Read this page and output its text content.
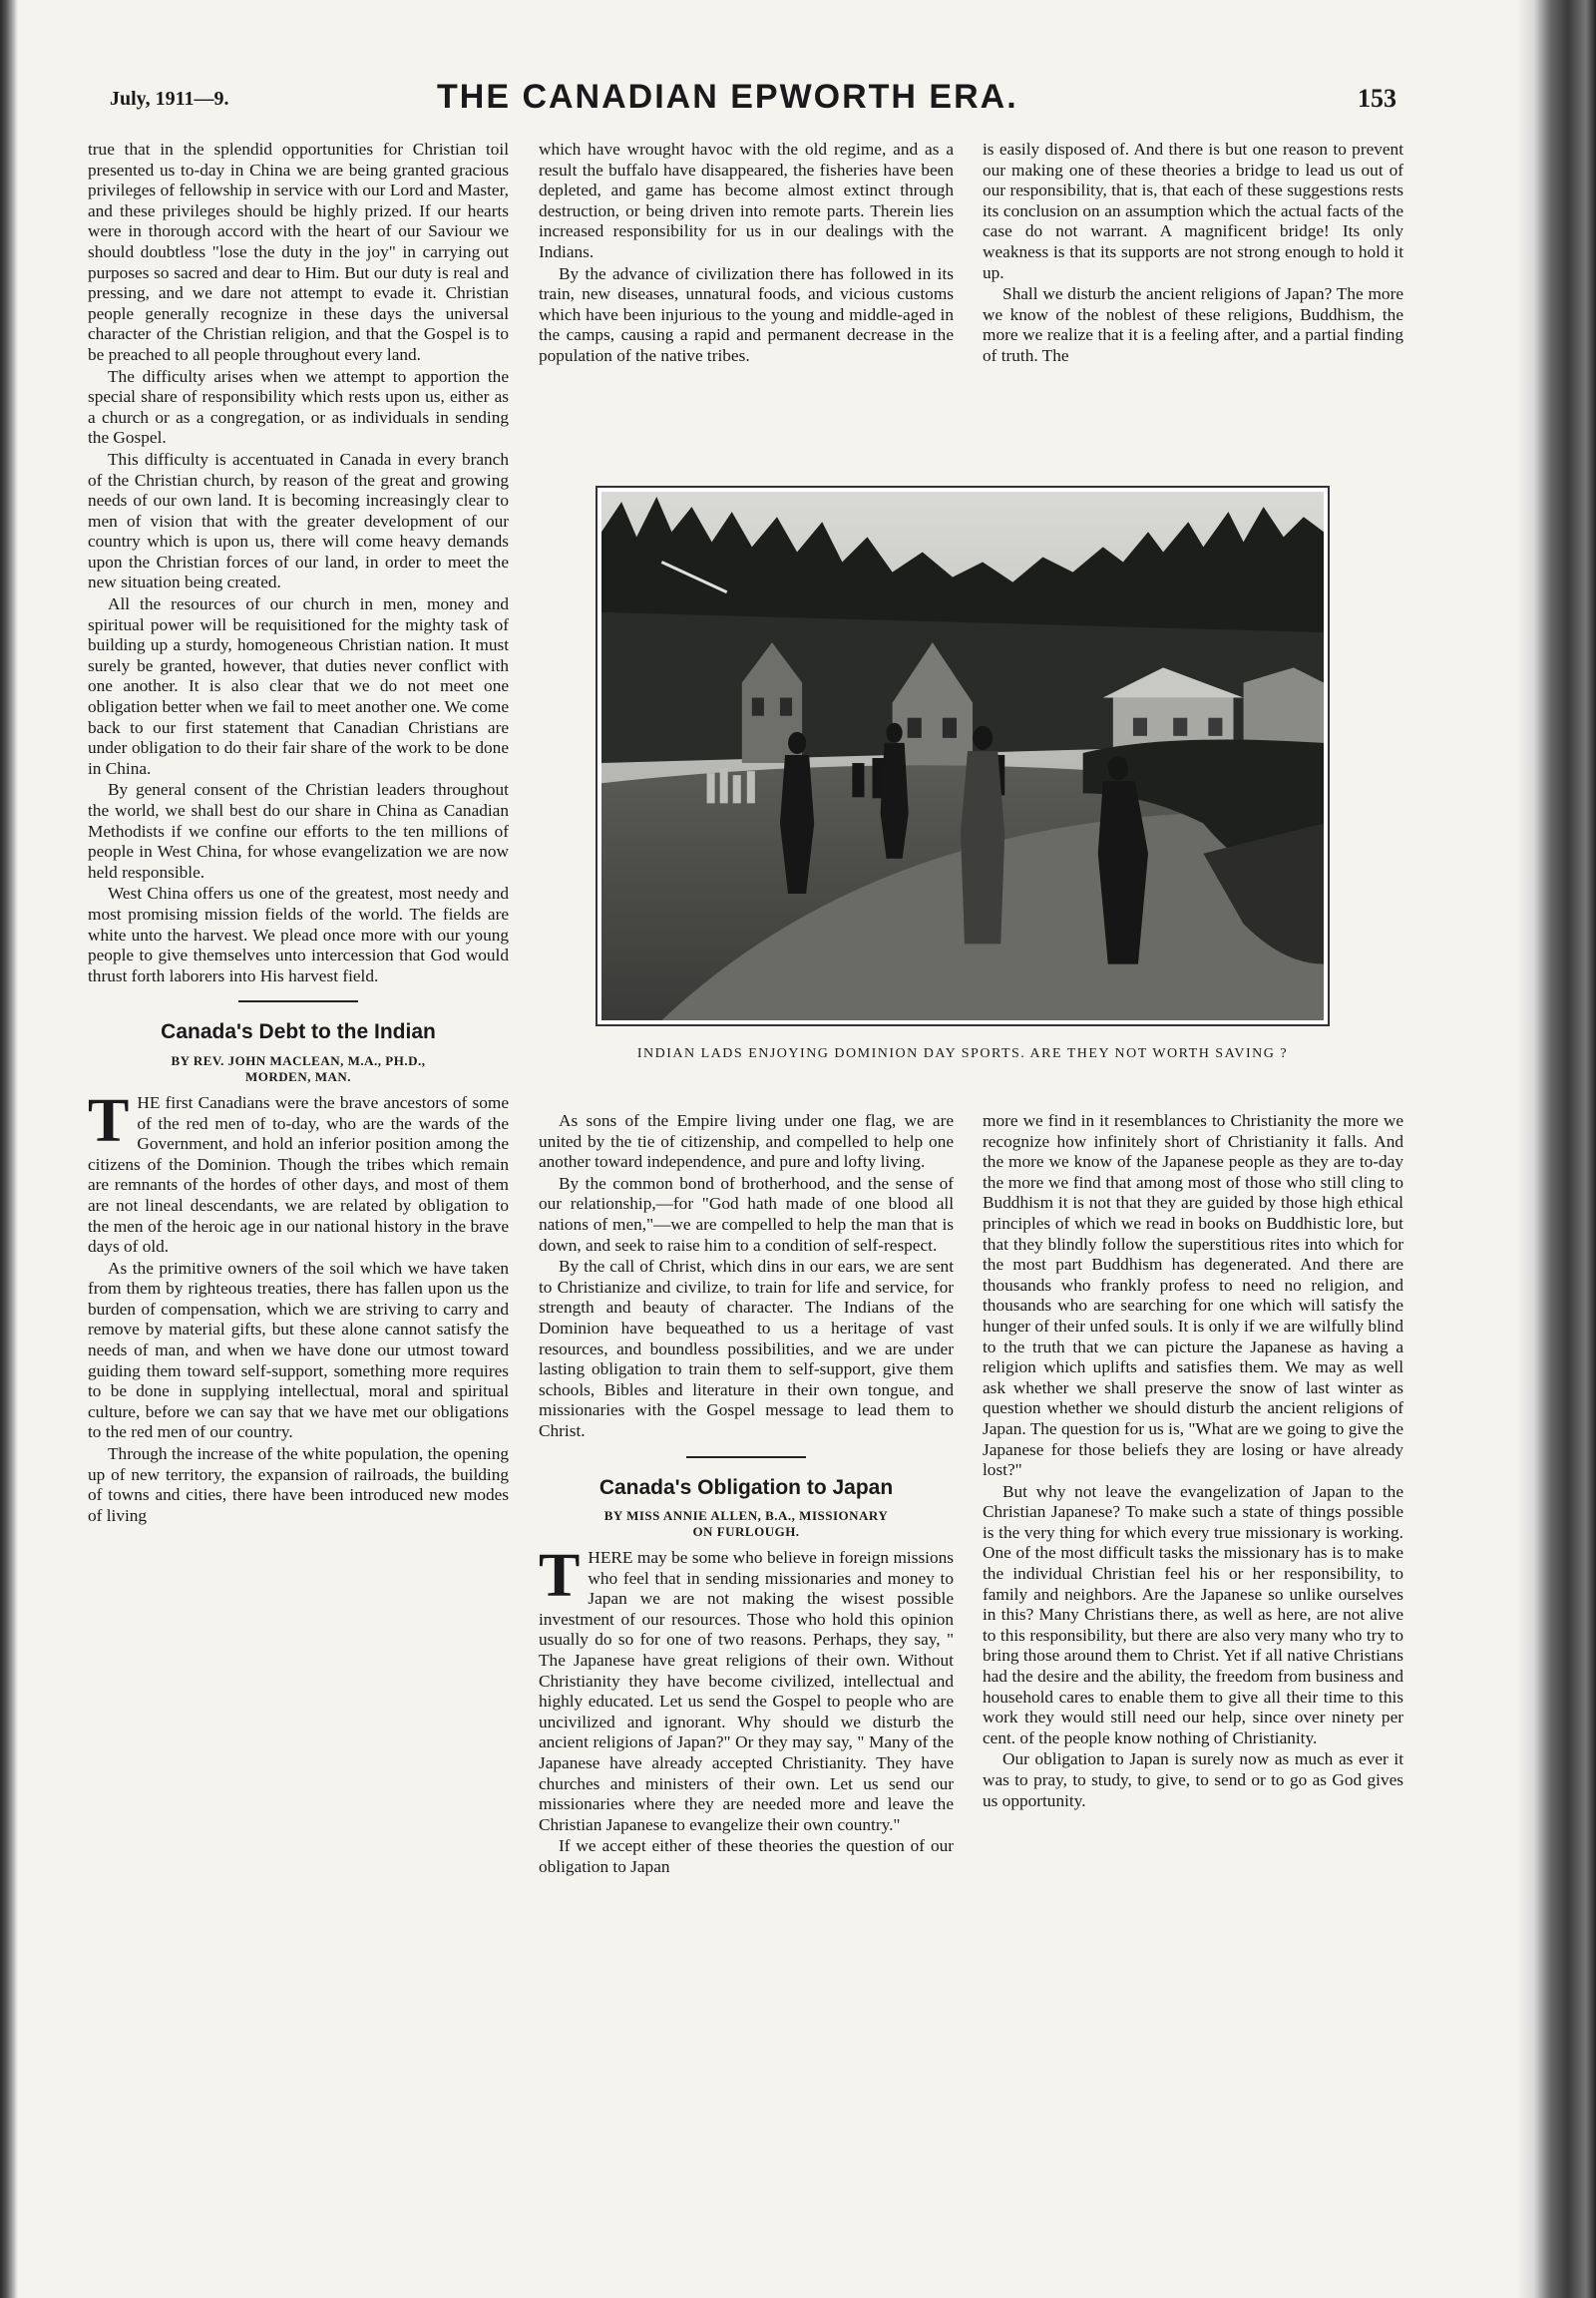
July, 1911—9.	THE CANADIAN EPWORTH ERA.	153

true that in the splendid opportunities for Christian toil presented us to-day in China we are being granted gracious privileges of fellowship in service with our Lord and Master, and these privileges should be highly prized. If our hearts were in thorough accord with the heart of our Saviour we should doubtless "lose the duty in the joy" in carrying out purposes so sacred and dear to Him. But our duty is real and pressing, and we dare not attempt to evade it. Christian people generally recognize in these days the universal character of the Christian religion, and that the Gospel is to be preached to all people throughout every land.

The difficulty arises when we attempt to apportion the special share of responsibility which rests upon us, either as a church or as a congregation, or as individuals in sending the Gospel.

This difficulty is accentuated in Canada in every branch of the Christian church, by reason of the great and growing needs of our own land. It is becoming increasingly clear to men of vision that with the greater development of our country which is upon us, there will come heavy demands upon the Christian forces of our land, in order to meet the new situation being created.

All the resources of our church in men, money and spiritual power will be requisitioned for the mighty task of building up a sturdy, homogeneous Christian nation. It must surely be granted, however, that duties never conflict with one another. It is also clear that we do not meet one obligation better when we fail to meet another one. We come back to our first statement that Canadian Christians are under obligation to do their fair share of the work to be done in China.

By general consent of the Christian leaders throughout the world, we shall best do our share in China as Canadian Methodists if we confine our efforts to the ten millions of people in West China, for whose evangelization we are now held responsible.

West China offers us one of the greatest, most needy and most promising mission fields of the world. The fields are white unto the harvest. We plead once more with our young people to give themselves unto intercession that God would thrust forth laborers into His harvest field.

Canada's Debt to the Indian
BY REV. JOHN MACLEAN, M.A., PH.D.,
MORDEN, MAN.

THE first Canadians were the brave ancestors of some of the red men of to-day, who are the wards of the Government, and hold an inferior position among the citizens of the Dominion. Though the tribes which remain are remnants of the hordes of other days, and most of them are not lineal descendants, we are related by obligation to the men of the heroic age in our national history in the brave days of old.

As the primitive owners of the soil which we have taken from them by righteous treaties, there has fallen upon us the burden of compensation, which we are striving to carry and remove by material gifts, but these alone cannot satisfy the needs of man, and when we have done our utmost toward guiding them toward self-support, something more requires to be done in supplying intellectual, moral and spiritual culture, before we can say that we have met our obligations to the red men of our country.

Through the increase of the white population, the opening up of new territory, the expansion of railroads, the building of towns and cities, there have been introduced new modes of living

which have wrought havoc with the old regime, and as a result the buffalo have disappeared, the fisheries have been depleted, and game has become almost extinct through destruction, or being driven into remote parts. Therein lies increased responsibility for us in our dealings with the Indians.

By the advance of civilization there has followed in its train, new diseases, unnatural foods, and vicious customs which have been injurious to the young and middle-aged in the camps, causing a rapid and permanent decrease in the population of the native tribes.

is easily disposed of. And there is but one reason to prevent our making one of these theories a bridge to lead us out of our responsibility, that is, that each of these suggestions rests its conclusion on an assumption which the actual facts of the case do not warrant. A magnificent bridge! Its only weakness is that its supports are not strong enough to hold it up.

Shall we disturb the ancient religions of Japan? The more we know of the noblest of these religions, Buddhism, the more we realize that it is a feeling after, and a partial finding of truth. The

INDIAN LADS ENJOYING DOMINION DAY SPORTS. ARE THEY NOT WORTH SAVING ?

As sons of the Empire living under one flag, we are united by the tie of citizenship, and compelled to help one another toward independence, and pure and lofty living.

By the common bond of brotherhood, and the sense of our relationship,—for "God hath made of one blood all nations of men,"—we are compelled to help the man that is down, and seek to raise him to a condition of self-respect.

By the call of Christ, which dins in our ears, we are sent to Christianize and civilize, to train for life and service, for strength and beauty of character. The Indians of the Dominion have bequeathed to us a heritage of vast resources, and boundless possibilities, and we are under lasting obligation to train them to self-support, give them schools, Bibles and literature in their own tongue, and missionaries with the Gospel message to lead them to Christ.

Canada's Obligation to Japan
BY MISS ANNIE ALLEN, B.A., MISSIONARY
ON FURLOUGH.

THERE may be some who believe in foreign missions who feel that in sending missionaries and money to Japan we are not making the wisest possible investment of our resources. Those who hold this opinion usually do so for one of two reasons. Perhaps, they say, " The Japanese have great religions of their own. Without Christianity they have become civilized, intellectual and highly educated. Let us send the Gospel to people who are uncivilized and ignorant. Why should we disturb the ancient religions of Japan?" Or they may say, " Many of the Japanese have already accepted Christianity. They have churches and ministers of their own. Let us send our missionaries where they are needed more and leave the Christian Japanese to evangelize their own country."

If we accept either of these theories the question of our obligation to Japan

more we find in it resemblances to Christianity the more we recognize how infinitely short of Christianity it falls. And the more we know of the Japanese people as they are to-day the more we find that among most of those who still cling to Buddhism it is not that they are guided by those high ethical principles of which we read in books on Buddhistic lore, but that they blindly follow the superstitious rites into which for the most part Buddhism has degenerated. And there are thousands who frankly profess to need no religion, and thousands who are searching for one which will satisfy the hunger of their unfed souls. It is only if we are wilfully blind to the truth that we can picture the Japanese as having a religion which uplifts and satisfies them. We may as well ask whether we shall preserve the snow of last winter as question whether we should disturb the ancient religions of Japan. The question for us is, "What are we going to give the Japanese for those beliefs they are losing or have already lost?"

But why not leave the evangelization of Japan to the Christian Japanese? To make such a state of things possible is the very thing for which every true missionary is working. One of the most difficult tasks the missionary has is to make the individual Christian feel his or her responsibility, to family and neighbors. Are the Japanese so unlike ourselves in this? Many Christians there, as well as here, are not alive to this responsibility, but there are also very many who try to bring those around them to Christ. Yet if all native Christians had the desire and the ability, the freedom from business and household cares to enable them to give all their time to this work they would still need our help, since over ninety per cent. of the people know nothing of Christianity.

Our obligation to Japan is surely now as much as ever it was to pray, to study, to give, to send or to go as God gives us opportunity.
